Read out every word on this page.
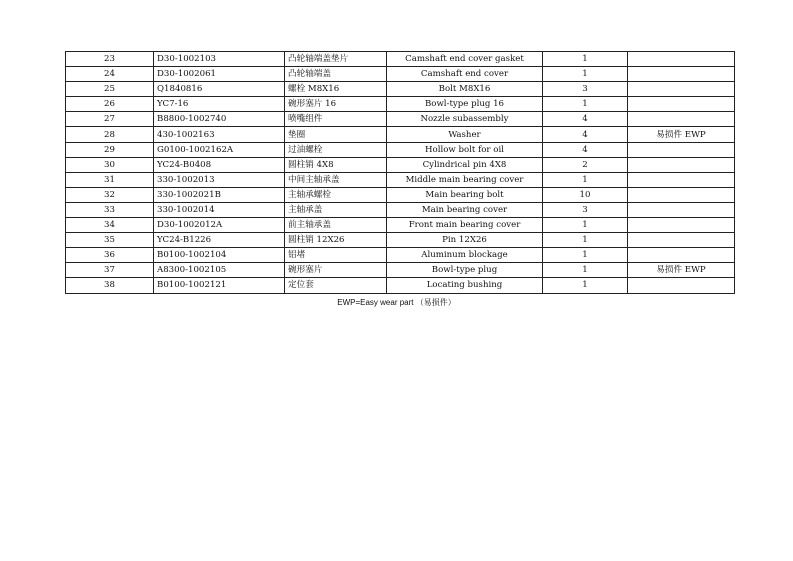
23	D30-1002103	凸轮轴端盖垫片	Camshaft end cover gasket	1	
24	D30-1002061	凸轮轴端盖	Camshaft end cover	1	
25	Q1840816	螺栓 M8X16	Bolt M8X16	3	
26	YC7-16	碗形塞片 16	Bowl-type plug 16	1	
27	B8800-1002740	喷嘴组件	Nozzle subassembly	4	
28	430-1002163	垫圈	Washer	4	易损件 EWP
29	G0100-1002162A	过油螺栓	Hollow bolt for oil	4	
30	YC24-B0408	圆柱销 4X8	Cylindrical pin 4X8	2	
31	330-1002013	中间主轴承盖	Middle main bearing cover	1	
32	330-1002021B	主轴承螺栓	Main bearing bolt	10	
33	330-1002014	主轴承盖	Main bearing cover	3	
34	D30-1002012A	前主轴承盖	Front main bearing cover	1	
35	YC24-B1226	圆柱销 12X26	Pin 12X26	1	
36	B0100-1002104	铝堵	Aluminum blockage	1	
37	A8300-1002105	碗形塞片	Bowl-type plug	1	易损件 EWP
38	B0100-1002121	定位套	Locating bushing	1	
EWP=Easy wear part （易损件）
